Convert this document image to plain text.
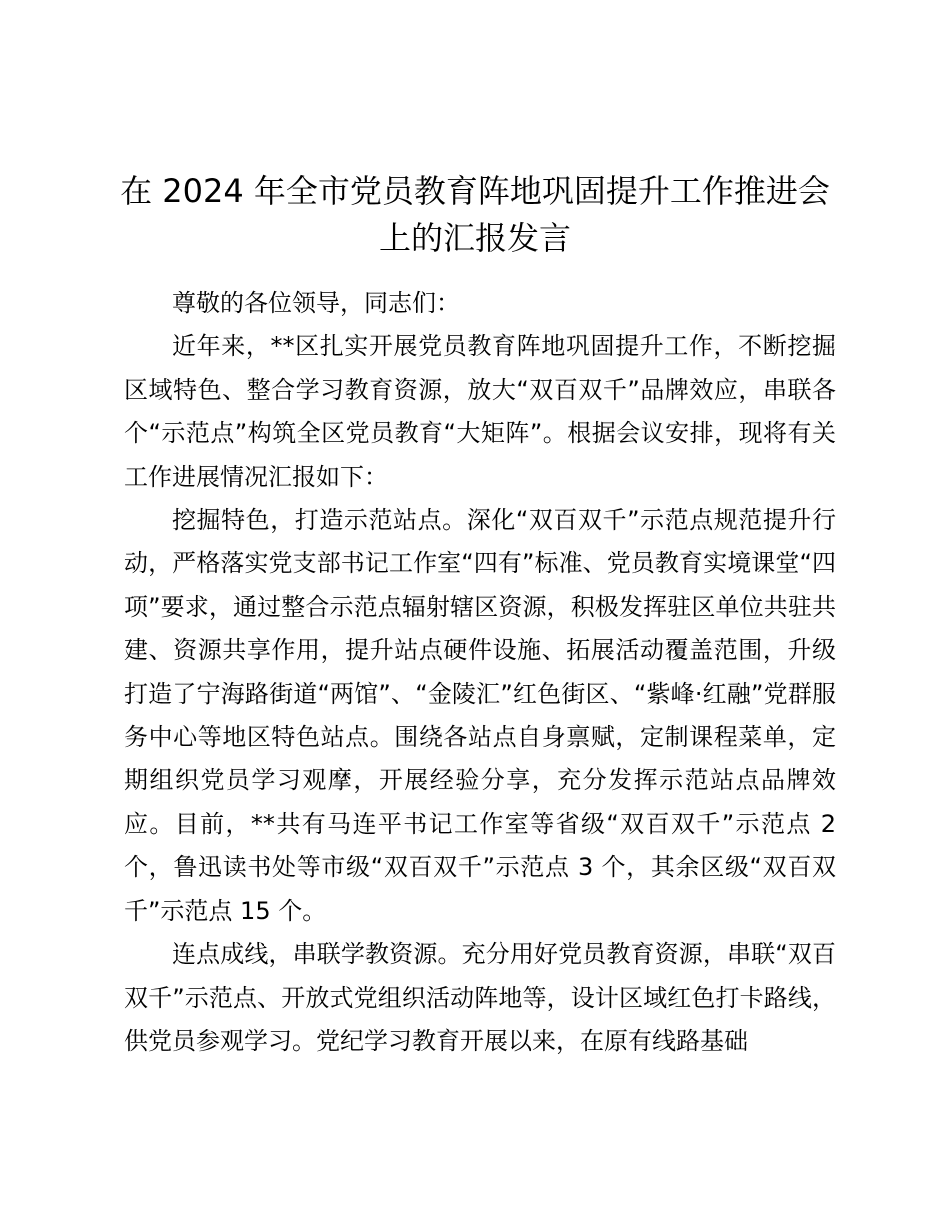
在 2024 年全市党员教育阵地巩固提升工作推进会上的汇报发言

尊敬的各位领导，同志们：

近年来，**区扎实开展党员教育阵地巩固提升工作，不断挖掘区域特色、整合学习教育资源，放大“双百双千”品牌效应，串联各个“示范点”构筑全区党员教育“大矩阵”。根据会议安排，现将有关工作进展情况汇报如下：

挖掘特色，打造示范站点。深化“双百双千”示范点规范提升行动，严格落实党支部书记工作室“四有”标准、党员教育实境课堂“四项”要求，通过整合示范点辐射辖区资源，积极发挥驻区单位共驻共建、资源共享作用，提升站点硬件设施、拓展活动覆盖范围，升级打造了宁海路街道“两馆”、“金陵汇”红色街区、“紫峰·红融”党群服务中心等地区特色站点。围绕各站点自身禀赋，定制课程菜单，定期组织党员学习观摩，开展经验分享，充分发挥示范站点品牌效应。目前，**共有马连平书记工作室等省级“双百双千”示范点 2 个，鲁迅读书处等市级“双百双千”示范点 3 个，其余区级“双百双千”示范点 15 个。

连点成线，串联学教资源。充分用好党员教育资源，串联“双百双千”示范点、开放式党组织活动阵地等，设计区域红色打卡路线，供党员参观学习。党纪学习教育开展以来，在原有线路基础
